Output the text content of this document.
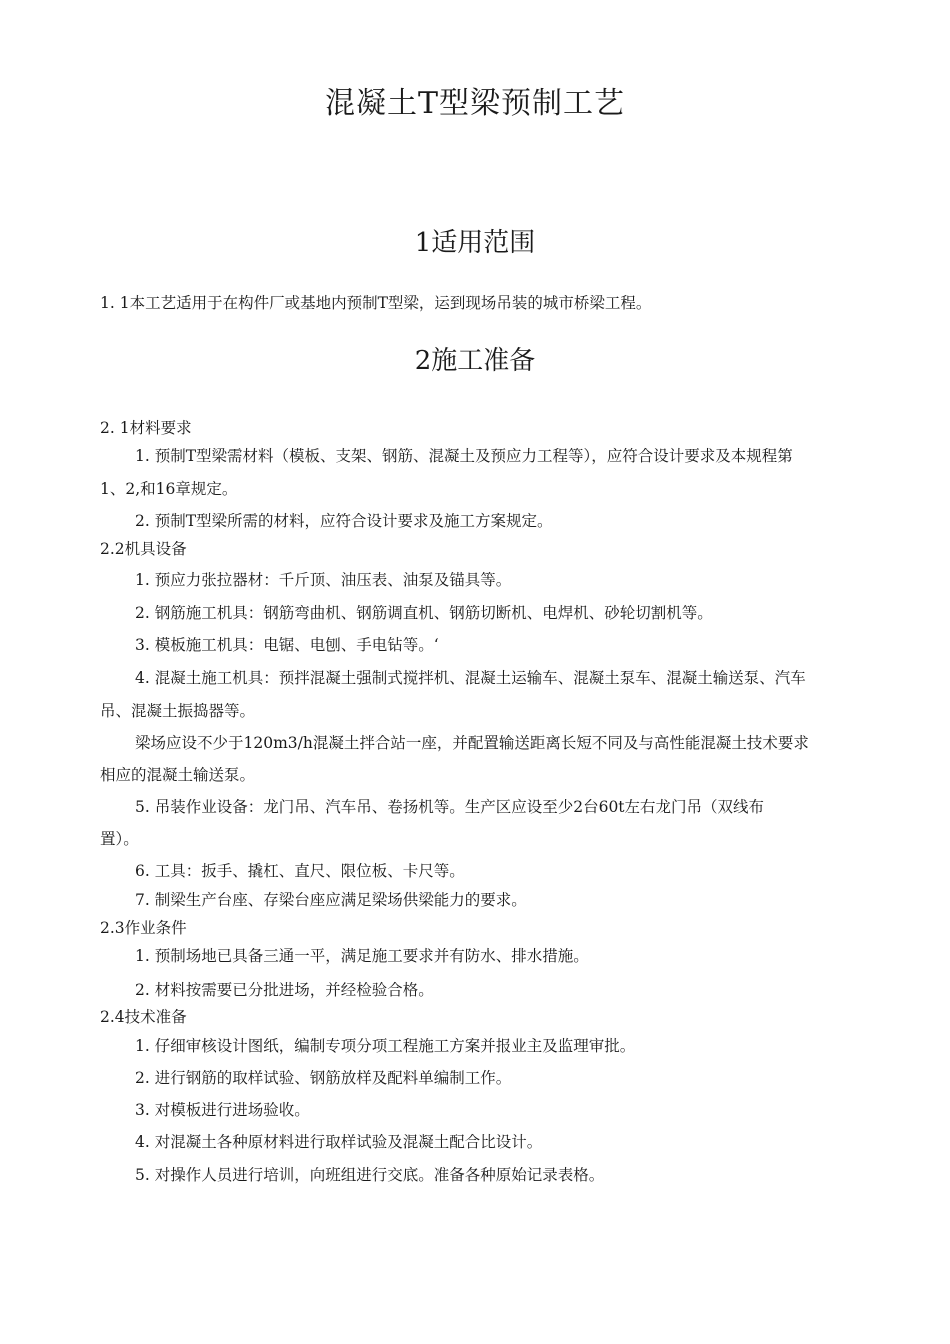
混凝土T型梁预制工艺
1适用范围
1. 1本工艺适用于在构件厂或基地内预制T型梁，运到现场吊装的城市桥梁工程。
2施工准备
2. 1材料要求
1. 预制T型梁需材料（模板、支架、钢筋、混凝土及预应力工程等），应符合设计要求及本规程第
1、2,和16章规定。
2. 预制T型梁所需的材料，应符合设计要求及施工方案规定。
2.2机具设备
1. 预应力张拉器材：千斤顶、油压表、油泵及锚具等。
2. 钢筋施工机具：钢筋弯曲机、钢筋调直机、钢筋切断机、电焊机、砂轮切割机等。
3. 模板施工机具：电锯、电刨、手电钻等。‘
4. 混凝土施工机具：预拌混凝土强制式搅拌机、混凝土运输车、混凝土泵车、混凝土输送泵、汽车
吊、混凝土振捣器等。
梁场应设不少于120m3/h混凝土拌合站一座，并配置输送距离长短不同及与高性能混凝土技术要求
相应的混凝土输送泵。
5. 吊装作业设备：龙门吊、汽车吊、卷扬机等。生产区应设至少2台60t左右龙门吊（双线布
置）。
6. 工具：扳手、撬杠、直尺、限位板、卡尺等。
7. 制梁生产台座、存梁台座应满足梁场供梁能力的要求。
2.3作业条件
1. 预制场地已具备三通一平，满足施工要求并有防水、排水措施。
2. 材料按需要已分批进场，并经检验合格。
2.4技术准备
1. 仔细审核设计图纸，编制专项分项工程施工方案并报业主及监理审批。
2. 进行钢筋的取样试验、钢筋放样及配料单编制工作。
3. 对模板进行进场验收。
4. 对混凝土各种原材料进行取样试验及混凝土配合比设计。
5. 对操作人员进行培训，向班组进行交底。准备各种原始记录表格。
